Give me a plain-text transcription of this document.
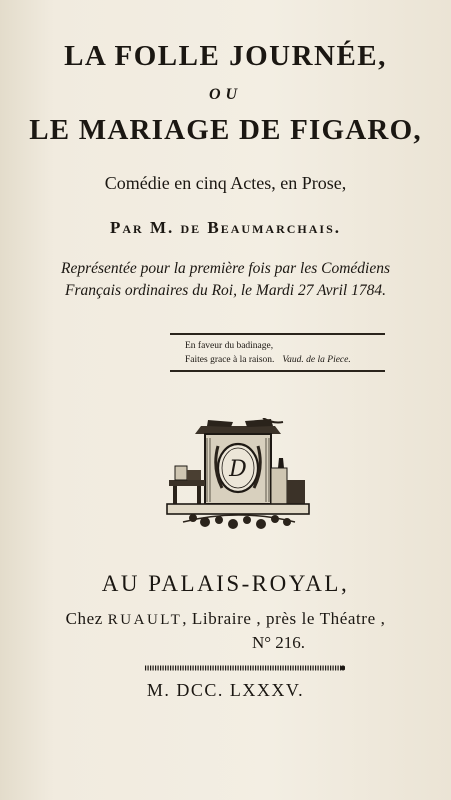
LA FOLLE JOURNÉE,
OU
LE MARIAGE DE FIGARO,
Comédie en cinq Actes, en Prose,
Par M. de Beaumarchais.
Représentée pour la première fois par les Comédiens
Français ordinaires du Roi, le Mardi 27 Avril 1784.
En faveur du badinage,
Faites grace à la raison. Vaud. de la Piece.
D
AU PALAIS-ROYAL,
Chez RUAULT, Libraire , près le Théatre ,
N° 216.
M. DCC. LXXXV.
